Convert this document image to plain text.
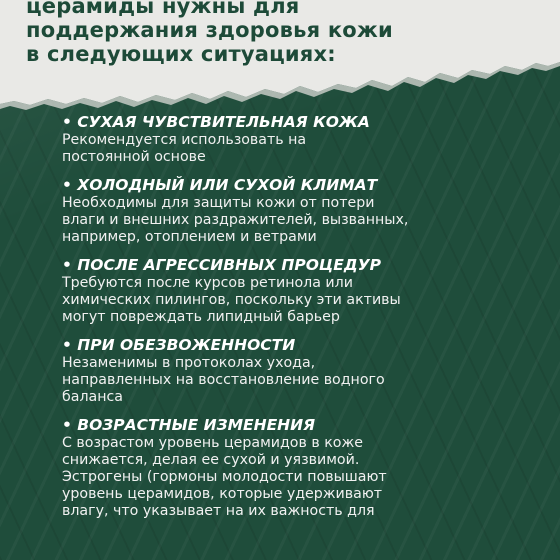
церамиды нужны для
поддержания здоровья кожи
в следующих ситуациях:
• СУХАЯ ЧУВСТВИТЕЛЬНАЯ КОЖА
Рекомендуется использовать на
постоянной основе
• ХОЛОДНЫЙ ИЛИ СУХОЙ КЛИМАТ
Необходимы для защиты кожи от потери
влаги и внешних раздражителей, вызванных,
например, отоплением и ветрами
• ПОСЛЕ АГРЕССИВНЫХ ПРОЦЕДУР
Требуются после курсов ретинола или
химических пилингов, поскольку эти активы
могут повреждать липидный барьер
• ПРИ ОБЕЗВОЖЕННОСТИ
Незаменимы в протоколах ухода,
направленных на восстановление водного
баланса
• ВОЗРАСТНЫЕ ИЗМЕНЕНИЯ
С возрастом уровень церамидов в коже
снижается, делая ее сухой и уязвимой.
Эстрогены (гормоны молодости повышают
уровень церамидов, которые удерживают
влагу, что указывает на их важность для
